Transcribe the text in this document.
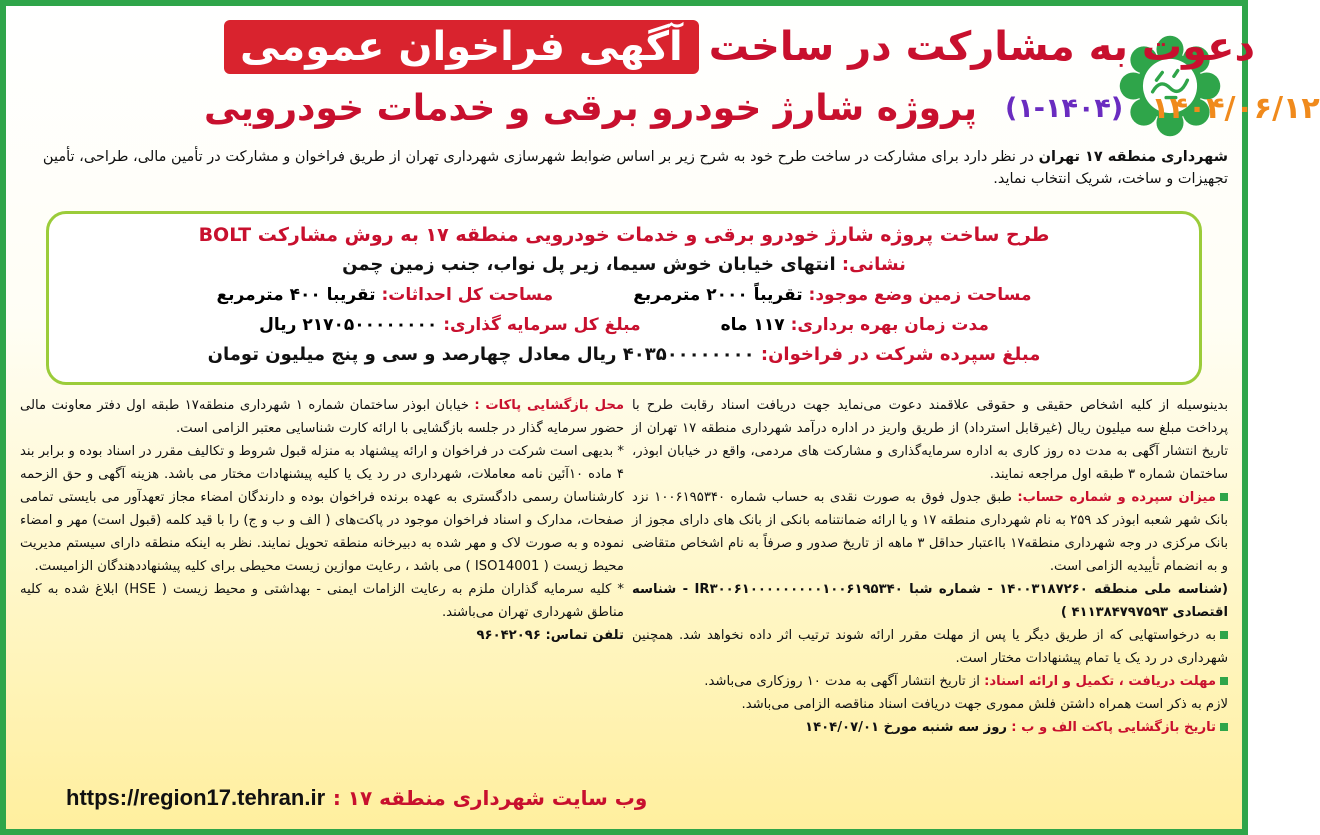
آگهی فراخوان عمومی دعوت به مشارکت در ساخت
پروژه شارژ خودرو برقی و خدمات خودرویی (۱-۱۴۰۴) ۱۴۰۴/۰۶/۱۲
شهرداری منطقه ۱۷ تهران در نظر دارد برای مشارکت در ساخت طرح خود به شرح زیر بر اساس ضوابط شهرسازی شهرداری تهران از طریق فراخوان و مشارکت در تأمین مالی، طراحی، تأمین تجهیزات و ساخت، شریک انتخاب نماید.
طرح ساخت پروژه شارژ خودرو برقی و خدمات خودرویی منطقه ۱۷ به روش مشارکت BOLT
نشانی: انتهای خیابان خوش سیما، زیر پل نواب، جنب زمین چمن
مساحت زمین وضع موجود: تقریباً ۲۰۰۰ مترمربع
مساحت کل احداثات: تقریبا ۴۰۰ مترمربع
مدت زمان بهره برداری: ۱۱۷ ماه
مبلغ کل سرمایه گذاری: ۲۱۷۰۵۰۰۰۰۰۰۰۰ ریال
مبلغ سپرده شرکت در فراخوان: ۴۰۳۵۰۰۰۰۰۰۰۰ ریال معادل چهارصد و سی و پنج میلیون تومان

بدینوسیله از کلیه اشخاص حقیقی و حقوقی علاقمند دعوت می‌نماید جهت دریافت اسناد رقابت طرح با پرداخت مبلغ سه میلیون ریال (غیرقابل استرداد) از طریق واریز در اداره درآمد شهرداری منطقه ۱۷ تهران از تاریخ انتشار آگهی به مدت ده روز کاری به اداره سرمایه‌گذاری و مشارکت های مردمی، واقع در خیابان ابوذر، ساختمان شماره ۳ طبقه اول مراجعه نمایند.

میزان سپرده و شماره حساب: طبق جدول فوق به صورت نقدی به حساب شماره ۱۰۰۶۱۹۵۳۴۰ نزد بانک شهر شعبه ابوذر کد ۲۵۹ به نام شهرداری منطقه ۱۷ و یا ارائه ضمانتنامه بانکی از بانک های دارای مجوز از بانک مرکزی در وجه شهرداری منطقه۱۷ بااعتبار حداقل ۳ ماهه از تاریخ صدور و صرفاً به نام اشخاص متقاضی و به انضمام تأییدیه الزامی است.

(شناسه ملی منطقه ۱۴۰۰۳۱۸۷۲۶۰ - شماره شبا IR۳۰۰۶۱۰۰۰۰۰۰۰۰۰۱۰۰۶۱۹۵۳۴۰ - شناسه اقتصادی ۴۱۱۳۸۴۷۹۷۵۹۳ )

به درخواستهایی که از طریق دیگر یا پس از مهلت مقرر ارائه شوند ترتیب اثر داده نخواهد شد. همچنین شهرداری در رد یک یا تمام پیشنهادات مختار است.

مهلت دریافت ، تکمیل و ارائه اسناد: از تاریخ انتشار آگهی به مدت ۱۰ روزکاری می‌باشد.

لازم به ذکر است همراه داشتن فلش مموری جهت دریافت اسناد مناقصه الزامی می‌باشد.

تاریخ بازگشایی پاکت الف و ب : روز سه شنبه مورخ ۱۴۰۴/۰۷/۰۱

محل بازگشایی پاکات : خیابان ابوذر ساختمان شماره ۱ شهرداری منطقه۱۷ طبقه اول دفتر معاونت مالی حضور سرمایه گذار در جلسه بازگشایی با ارائه کارت شناسایی معتبر الزامی است.

* بدیهی است شرکت در فراخوان و ارائه پیشنهاد به منزله قبول شروط و تکالیف مقرر در اسناد بوده و برابر بند ۴ ماده ۱۰آئین نامه معاملات، شهرداری در رد یک یا کلیه پیشنهادات مختار می باشد. هزینه آگهی و حق الزحمه کارشناسان رسمی دادگستری به عهده برنده فراخوان بوده و دارندگان امضاء مجاز تعهدآور می بایستی تمامی صفحات، مدارک و اسناد فراخوان موجود در پاکت‌های ( الف و ب و ج) را با قید کلمه (قبول است) مهر و امضاء نموده و به صورت لاک و مهر شده به دبیرخانه منطقه تحویل نمایند. نظر به اینکه منطقه دارای سیستم مدیریت محیط زیست ( ISO14001 ) می باشد ، رعایت موازین زیست محیطی برای کلیه پیشنهاددهندگان الزامیست.

* کلیه سرمایه گذاران ملزم به رعایت الزامات ایمنی - بهداشتی و محیط زیست ( HSE) ابلاغ شده به کلیه مناطق شهرداری تهران می‌باشند.

تلفن تماس: ۹۶۰۴۲۰۹۶

وب سایت شهرداری منطقه ۱۷ : https://region17.tehran.ir
